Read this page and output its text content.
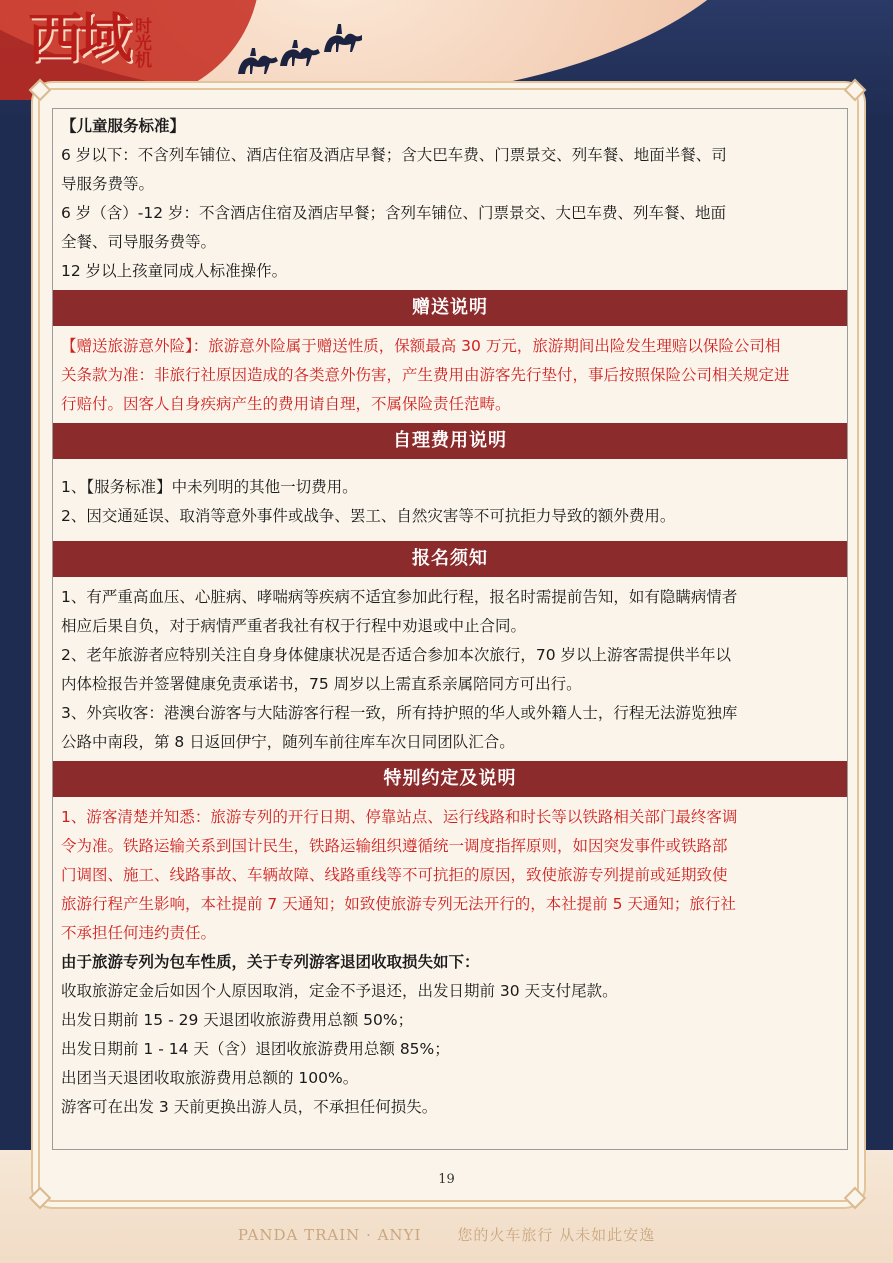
西域 时光机
【儿童服务标准】
6 岁以下：不含列车铺位、酒店住宿及酒店早餐；含大巴车费、门票景交、列车餐、地面半餐、司
导服务费等。
6 岁（含）-12 岁：不含酒店住宿及酒店早餐；含列车铺位、门票景交、大巴车费、列车餐、地面
全餐、司导服务费等。
12 岁以上孩童同成人标准操作。
赠送说明
【赠送旅游意外险】：旅游意外险属于赠送性质，保额最高 30 万元，旅游期间出险发生理赔以保险公司相
关条款为准：非旅行社原因造成的各类意外伤害，产生费用由游客先行垫付，事后按照保险公司相关规定进
行赔付。因客人自身疾病产生的费用请自理，不属保险责任范畴。
自理费用说明
1、【服务标准】中未列明的其他一切费用。
2、因交通延误、取消等意外事件或战争、罢工、自然灾害等不可抗拒力导致的额外费用。
报名须知
1、有严重高血压、心脏病、哮喘病等疾病不适宜参加此行程，报名时需提前告知，如有隐瞒病情者
相应后果自负，对于病情严重者我社有权于行程中劝退或中止合同。
2、老年旅游者应特别关注自身身体健康状况是否适合参加本次旅行，70 岁以上游客需提供半年以
内体检报告并签署健康免责承诺书，75 周岁以上需直系亲属陪同方可出行。
3、外宾收客：港澳台游客与大陆游客行程一致，所有持护照的华人或外籍人士，行程无法游览独库
公路中南段，第 8 日返回伊宁，随列车前往库车次日同团队汇合。
特别约定及说明
1、游客清楚并知悉：旅游专列的开行日期、停靠站点、运行线路和时长等以铁路相关部门最终客调
令为准。铁路运输关系到国计民生，铁路运输组织遵循统一调度指挥原则，如因突发事件或铁路部
门调图、施工、线路事故、车辆故障、线路重线等不可抗拒的原因，致使旅游专列提前或延期致使
旅游行程产生影响，本社提前 7 天通知；如致使旅游专列无法开行的，本社提前 5 天通知；旅行社
不承担任何违约责任。
由于旅游专列为包车性质，关于专列游客退团收取损失如下：
收取旅游定金后如因个人原因取消，定金不予退还，出发日期前 30 天支付尾款。
出发日期前 15 - 29 天退团收旅游费用总额 50%；
出发日期前 1 - 14 天（含）退团收旅游费用总额 85%；
出团当天退团收取旅游费用总额的 100%。
游客可在出发 3 天前更换出游人员，不承担任何损失。
19
PANDA TRAIN · ANYI 您的火车旅行 从未如此安逸
